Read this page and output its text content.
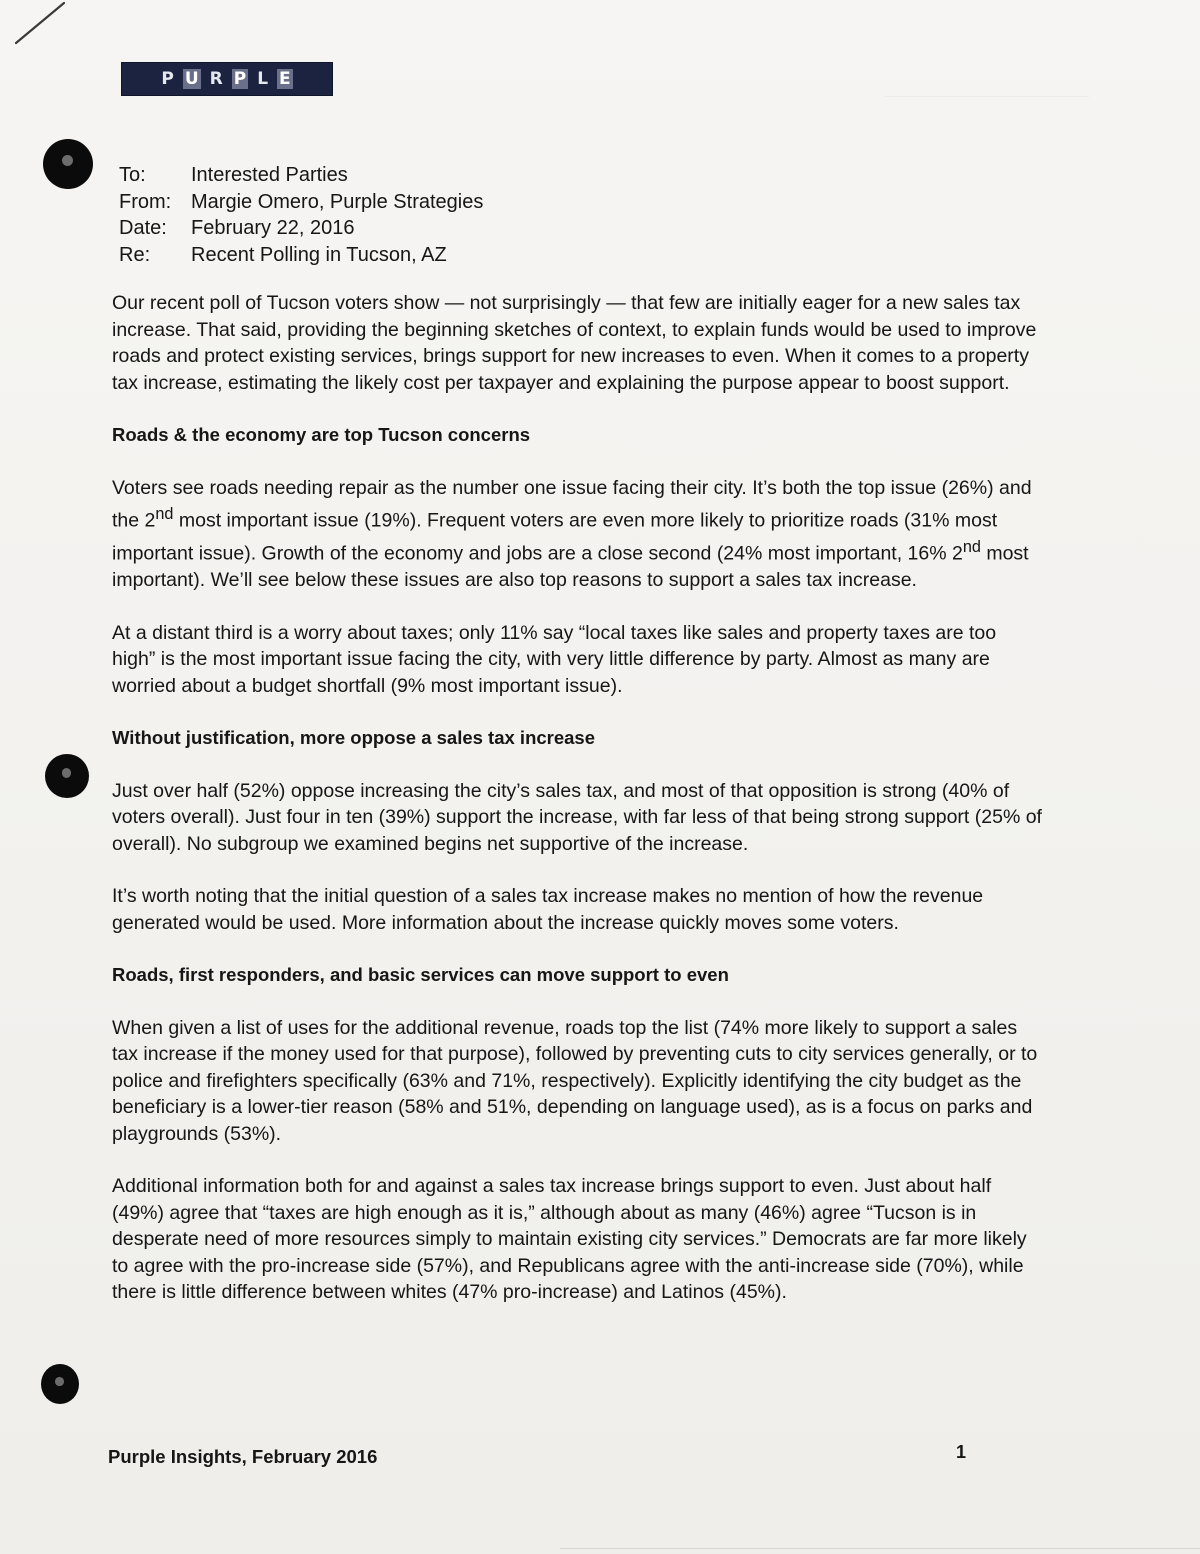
P U R P L E
To:	Interested Parties
From: Margie Omero, Purple Strategies
Date:	February 22, 2016
Re:	Recent Polling in Tucson, AZ

Our recent poll of Tucson voters show — not surprisingly — that few are initially eager for a new sales tax increase. That said, providing the beginning sketches of context, to explain funds would be used to improve roads and protect existing services, brings support for new increases to even. When it comes to a property tax increase, estimating the likely cost per taxpayer and explaining the purpose appear to boost support.

Roads & the economy are top Tucson concerns

Voters see roads needing repair as the number one issue facing their city. It’s both the top issue (26%) and the 2nd most important issue (19%). Frequent voters are even more likely to prioritize roads (31% most important issue). Growth of the economy and jobs are a close second (24% most important, 16% 2nd most important). We’ll see below these issues are also top reasons to support a sales tax increase.

At a distant third is a worry about taxes; only 11% say “local taxes like sales and property taxes are too high” is the most important issue facing the city, with very little difference by party. Almost as many are worried about a budget shortfall (9% most important issue).

Without justification, more oppose a sales tax increase

Just over half (52%) oppose increasing the city’s sales tax, and most of that opposition is strong (40% of voters overall). Just four in ten (39%) support the increase, with far less of that being strong support (25% of overall). No subgroup we examined begins net supportive of the increase.

It’s worth noting that the initial question of a sales tax increase makes no mention of how the revenue generated would be used. More information about the increase quickly moves some voters.

Roads, first responders, and basic services can move support to even

When given a list of uses for the additional revenue, roads top the list (74% more likely to support a sales tax increase if the money used for that purpose), followed by preventing cuts to city services generally, or to police and firefighters specifically (63% and 71%, respectively). Explicitly identifying the city budget as the beneficiary is a lower-tier reason (58% and 51%, depending on language used), as is a focus on parks and playgrounds (53%).

Additional information both for and against a sales tax increase brings support to even. Just about half (49%) agree that “taxes are high enough as it is,” although about as many (46%) agree “Tucson is in desperate need of more resources simply to maintain existing city services.” Democrats are far more likely to agree with the pro-increase side (57%), and Republicans agree with the anti-increase side (70%), while there is little difference between whites (47% pro-increase) and Latinos (45%).

Purple Insights, February 2016	1
